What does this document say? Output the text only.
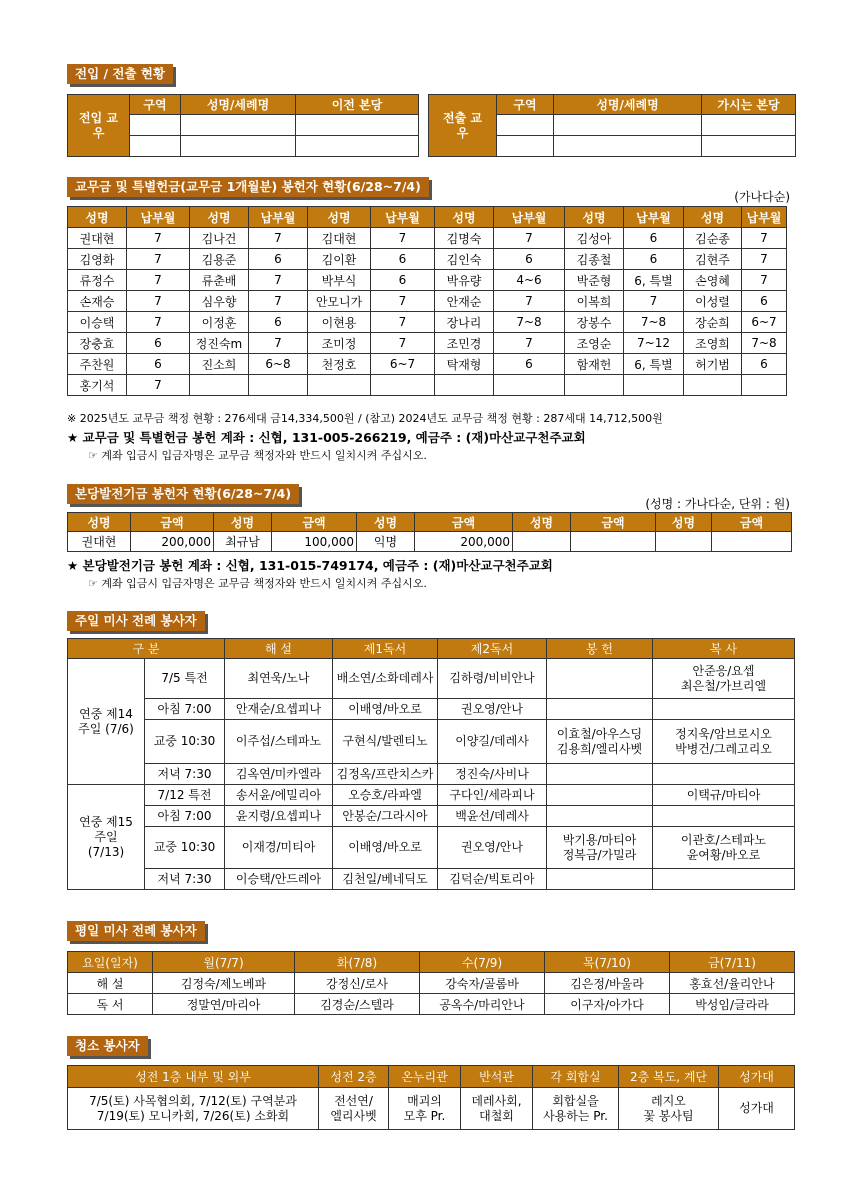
전입 / 전출 현황
전입 교우	구역	성명/세례명	이전 본당

전출 교우	구역	성명/세례명	가시는 본당

교무금 및 특별헌금(교무금 1개월분) 봉헌자 현황(6/28~7/4)
(가나다순)
성명	납부월	성명	납부월	성명	납부월	성명	납부월	성명	납부월	성명	납부월
권대현	7	김나건	7	김대현	7	김명숙	7	김성아	6	김순종	7
김영화	7	김용준	6	김이환	6	김인숙	6	김종철	6	김현주	7
류정수	7	류춘배	7	박부식	6	박유량	4~6	박준형	6, 특별	손영혜	7
손재승	7	심우향	7	안모니가	7	안재순	7	이복희	7	이성렬	6
이승택	7	이정훈	6	이현용	7	장나리	7~8	장봉수	7~8	장순희	6~7
장충효	6	정진숙m	7	조미정	7	조민경	7	조영순	7~12	조영희	7~8
주찬원	6	진소희	6~8	천정호	6~7	탁재형	6	함재헌	6, 특별	허기범	6
홍기석	7										
※ 2025년도 교무금 책정 현황 : 276세대 금14,334,500원 / (참고) 2024년도 교무금 책정 현황 : 287세대 14,712,500원
★ 교무금 및 특별헌금 봉헌 계좌 : 신협, 131-005-266219, 예금주 : (재)마산교구천주교회
☞ 계좌 입금시 입금자명은 교무금 책정자와 반드시 일치시켜 주십시오.
본당발전기금 봉헌자 현황(6/28~7/4)
(성명 : 가나다순, 단위 : 원)
성명	금액	성명	금액	성명	금액	성명	금액	성명	금액
권대현	200,000	최규남	100,000	익명	200,000				
★ 본당발전기금 봉헌 계좌 : 신협, 131-015-749174, 예금주 : (재)마산교구천주교회
☞ 계좌 입금시 입금자명은 교무금 책정자와 반드시 일치시켜 주십시오.
주일 미사 전례 봉사자
구 분		해 설	제1독서	제2독서	봉 헌	복 사
연중 제14주일 (7/6)	7/5 특전	최연욱/노나	배소연/소화데레사	김하령/비비안나		안준응/요셉
최은철/가브리엘
	아침 7:00	안재순/요셉피나	이배영/바오로	권오영/안나		
	교중 10:30	이주섭/스테파노	구현식/발렌티노	이양길/데레사	이효철/아우스딩
김용희/엘리사벳	정지욱/암브로시오
박병건/그레고리오
	저녁 7:30	김옥연/미카엘라	김정옥/프란치스카	정진숙/사비나		
연중 제15주일 (7/13)	7/12 특전	송서윤/에밀리아	오승호/라파엘	구다인/세라피나		이택규/마티아
	아침 7:00	윤지령/요셉피나	안봉순/그라시아	백윤선/데레사		
	교중 10:30	이재경/미티아	이배영/바오로	권오영/안나	박기용/마티아
정복금/가밀라	이관호/스테파노
윤여황/바오로
	저녁 7:30	이승택/안드레아	김천일/베네딕도	김덕순/빅토리아		
평일 미사 전례 봉사자
요일(일자)	월(7/7)	화(7/8)	수(7/9)	목(7/10)	금(7/11)
해 설	김정숙/제노베파	강정신/로사	강숙자/골롬바	김은정/바울라	홍효선/율리안나
독 서	정말연/마리아	김경순/스텔라	공옥수/마리안나	이구자/아가다	박성임/글라라
청소 봉사자
성전 1층 내부 및 외부	성전 2층	온누리관	반석관	각 회합실	2층 복도, 계단	성가대
7/5(토) 사목협의회, 7/12(토) 구역분과
7/19(토) 모니카회, 7/26(토) 소화회	전선연/
엘리사벳	매괴의
모후 Pr.	데레사회,
대철회	회합실을
사용하는 Pr.	레지오
꽃 봉사팀	성가대
